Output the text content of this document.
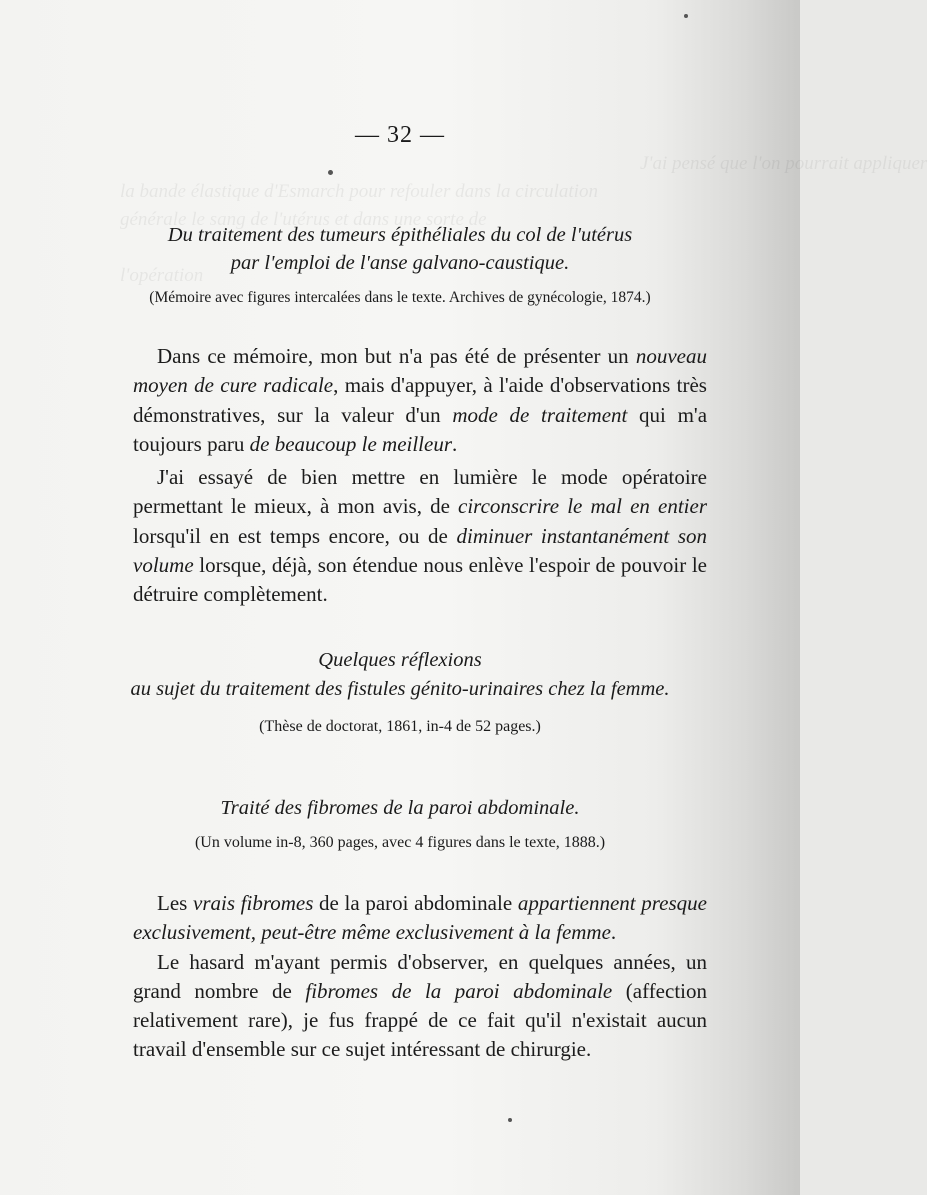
J'ai pensé que l'on pourrait appliquer
la bande élastique d'Esmarch pour refouler dans la circulation
générale le sang de l'utérus et dans une sorte de
l'opération
— 32 —
Du traitement des tumeurs épithéliales du col de l'utérus
par l'emploi de l'anse galvano-caustique.
(Mémoire avec figures intercalées dans le texte. Archives de gynécologie, 1874.)

Dans ce mémoire, mon but n'a pas été de présenter un nouveau moyen de cure radicale, mais d'appuyer, à l'aide d'observations très démonstratives, sur la valeur d'un mode de traitement qui m'a toujours paru de beaucoup le meilleur.

J'ai essayé de bien mettre en lumière le mode opératoire permettant le mieux, à mon avis, de circonscrire le mal en entier lorsqu'il en est temps encore, ou de diminuer instantanément son volume lorsque, déjà, son étendue nous enlève l'espoir de pouvoir le détruire complètement.

Quelques réflexions
au sujet du traitement des fistules génito-urinaires chez la femme.
(Thèse de doctorat, 1861, in-4 de 52 pages.)
Traité des fibromes de la paroi abdominale.
(Un volume in-8, 360 pages, avec 4 figures dans le texte, 1888.)

Les vrais fibromes de la paroi abdominale appartiennent presque exclusivement, peut-être même exclusivement à la femme.

Le hasard m'ayant permis d'observer, en quelques années, un grand nombre de fibromes de la paroi abdominale (affection relativement rare), je fus frappé de ce fait qu'il n'existait aucun travail d'ensemble sur ce sujet intéressant de chirurgie.
